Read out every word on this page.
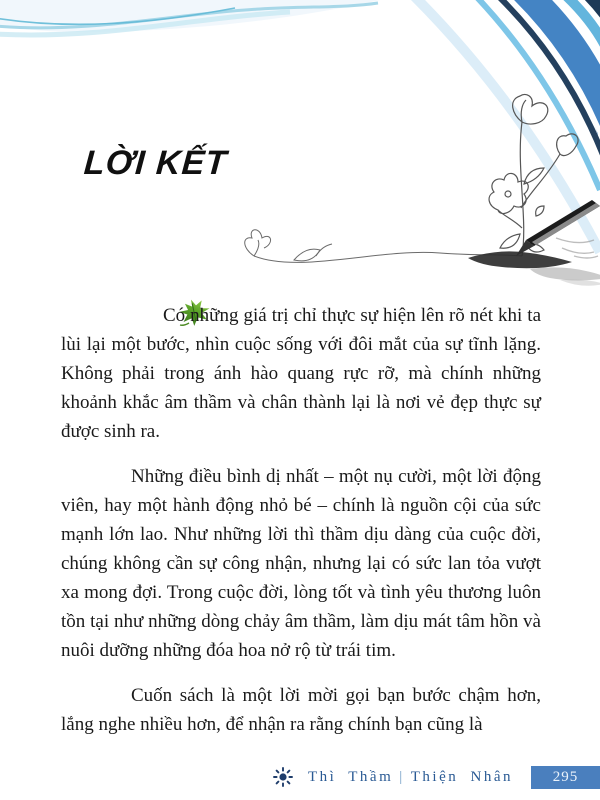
LỜI KẾT

Có những giá trị chỉ thực sự hiện lên rõ nét khi ta lùi lại một bước, nhìn cuộc sống với đôi mắt của sự tĩnh lặng. Không phải trong ánh hào quang rực rỡ, mà chính những khoảnh khắc âm thầm và chân thành lại là nơi vẻ đẹp thực sự được sinh ra.

Những điều bình dị nhất – một nụ cười, một lời động viên, hay một hành động nhỏ bé – chính là nguồn cội của sức mạnh lớn lao. Như những lời thì thầm dịu dàng của cuộc đời, chúng không cần sự công nhận, nhưng lại có sức lan tỏa vượt xa mong đợi. Trong cuộc đời, lòng tốt và tình yêu thương luôn tồn tại như những dòng chảy âm thầm, làm dịu mát tâm hồn và nuôi dưỡng những đóa hoa nở rộ từ trái tim.

Cuốn sách là một lời mời gọi bạn bước chậm hơn, lắng nghe nhiều hơn, để nhận ra rằng chính bạn cũng là

Thì Thầm | Thiện Nhân	295
